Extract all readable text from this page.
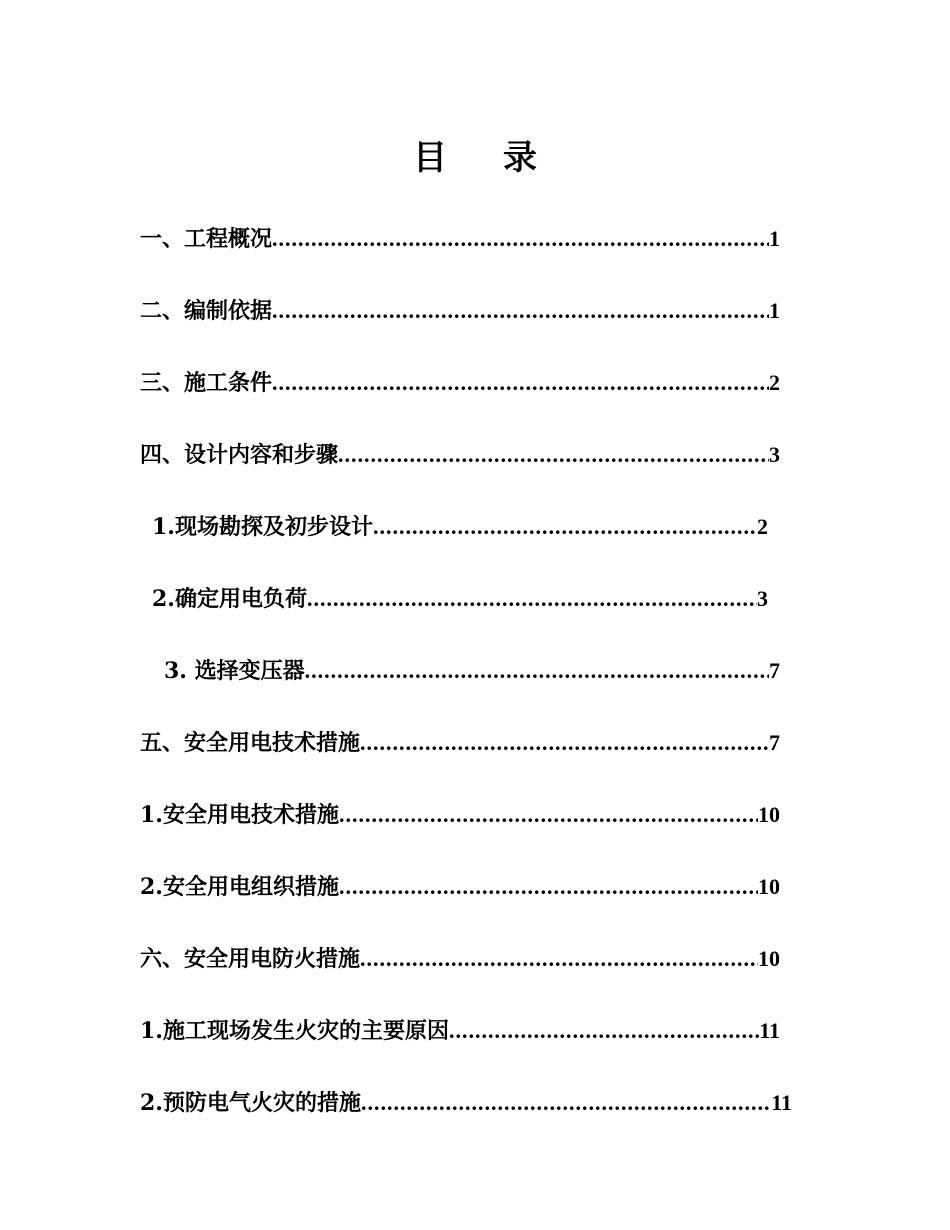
目 录
一、工程概况 .....	1
二、编制依据 .....	1
三、施工条件 .....	2
四、设计内容和步骤 .....	3
1.现场勘探及初步设计 .....	2
2.确定用电负荷 .....	3
3. 选择变压器 .....	7
五、安全用电技术措施 .....	7
1.安全用电技术措施 .....	10
2.安全用电组织措施 .....	10
六、安全用电防火措施 .....	10
1.施工现场发生火灾的主要原因 .....	11
2.预防电气火灾的措施 .....	11
